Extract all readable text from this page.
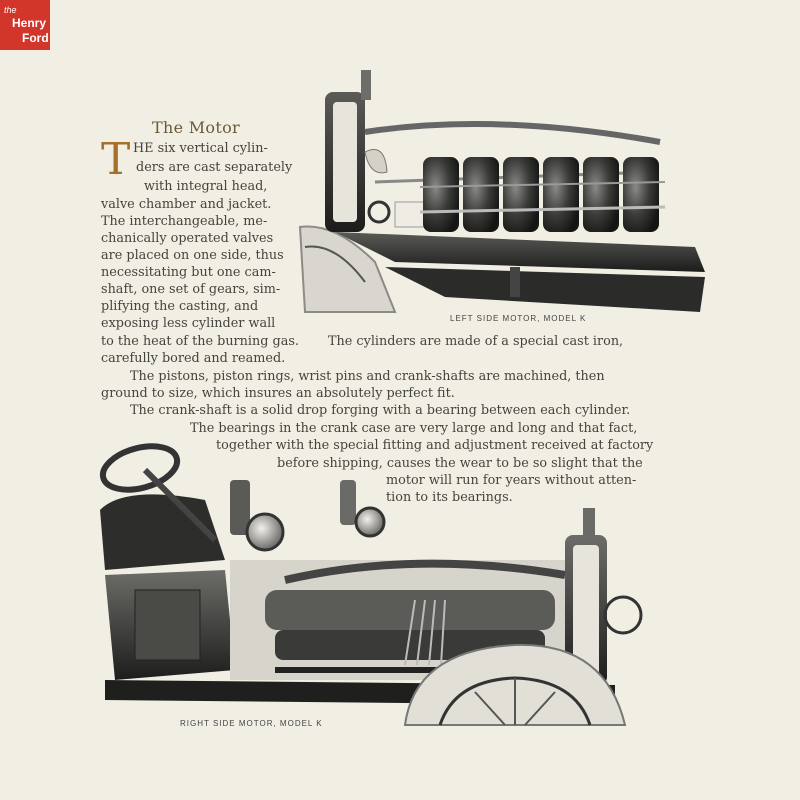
the
Henry
Ford
The Motor
T HE six vertical cylin-
ders are cast separately
with integral head,
valve chamber and jacket.
The interchangeable, me-
chanically operated valves
are placed on one side, thus
necessitating but one cam-
shaft, one set of gears, sim-
plifying the casting, and
exposing less cylinder wall
to the heat of the burning gas. The cylinders are made of a special cast iron,
carefully bored and reamed.
The pistons, piston rings, wrist pins and crank-shafts are machined, then
ground to size, which insures an absolutely perfect fit.
The crank-shaft is a solid drop forging with a bearing between each cylinder.
The bearings in the crank case are very large and long and that fact,
together with the special fitting and adjustment received at factory
before shipping, causes the wear to be so slight that the
motor will run for years without atten-
tion to its bearings.
LEFT SIDE MOTOR, MODEL K
RIGHT SIDE MOTOR, MODEL K
